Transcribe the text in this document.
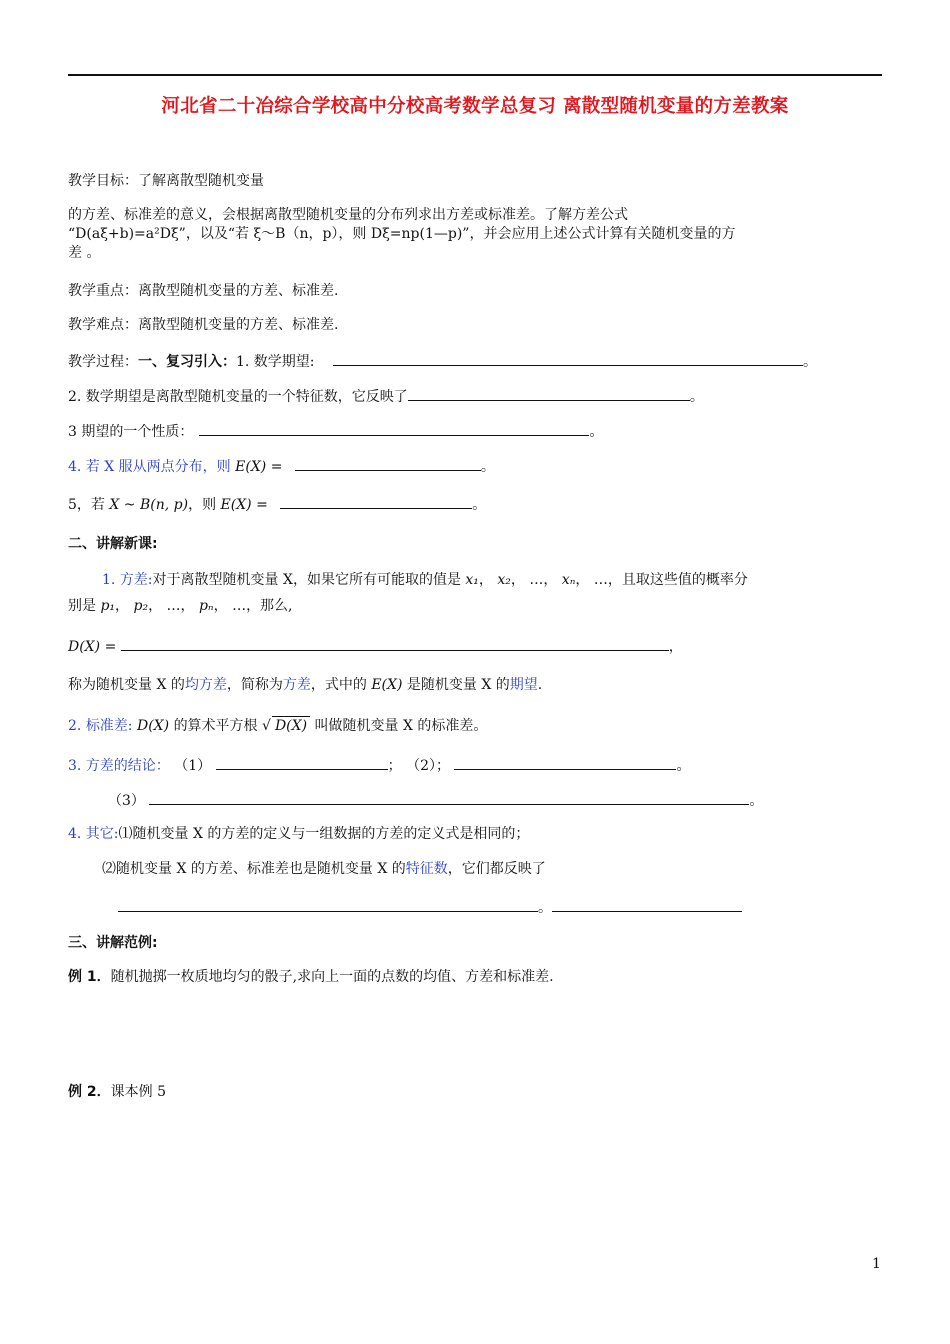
河北省二十冶综合学校高中分校高考数学总复习 离散型随机变量的方差教案
教学目标：了解离散型随机变量
的方差、标准差的意义，会根据离散型随机变量的分布列求出方差或标准差。了解方差公式
“D(aξ+b)=a²Dξ”，以及“若 ξ～B（n，p），则 Dξ=np(1—p)”，并会应用上述公式计算有关随机变量的方
差 。
教学重点：离散型随机变量的方差、标准差.
教学难点：离散型随机变量的方差、标准差.
教学过程：一、复习引入：1. 数学期望:	。
2. 数学期望是离散型随机变量的一个特征数，它反映了	。
3 期望的一个性质：	。
4. 若 X 服从两点分布，则 E(X) =	。
5，若 X ~ B(n, p)，则 E(X) =	。
二、讲解新课:
1. 方差:对于离散型随机变量 X，如果它所有可能取的值是 x₁， x₂， …， xₙ， …，且取这些值的概率分
别是 p₁， p₂， …， pₙ， …，那么,
D(X) =	，
称为随机变量 X 的均方差，简称为方差，式中的 E(X) 是随机变量 X 的期望.
2. 标准差: D(X) 的算术平方根 √ D(X) 叫做随机变量 X 的标准差。
3. 方差的结论： （1）	； （2）；	。
（3）	。
4. 其它:⑴随机变量 X 的方差的定义与一组数据的方差的定义式是相同的；
⑵随机变量 X 的方差、标准差也是随机变量 X 的特征数，它们都反映了
。
三、讲解范例:
例 1．随机抛掷一枚质地均匀的骰子,求向上一面的点数的均值、方差和标准差.
例 2．课本例 5
1
